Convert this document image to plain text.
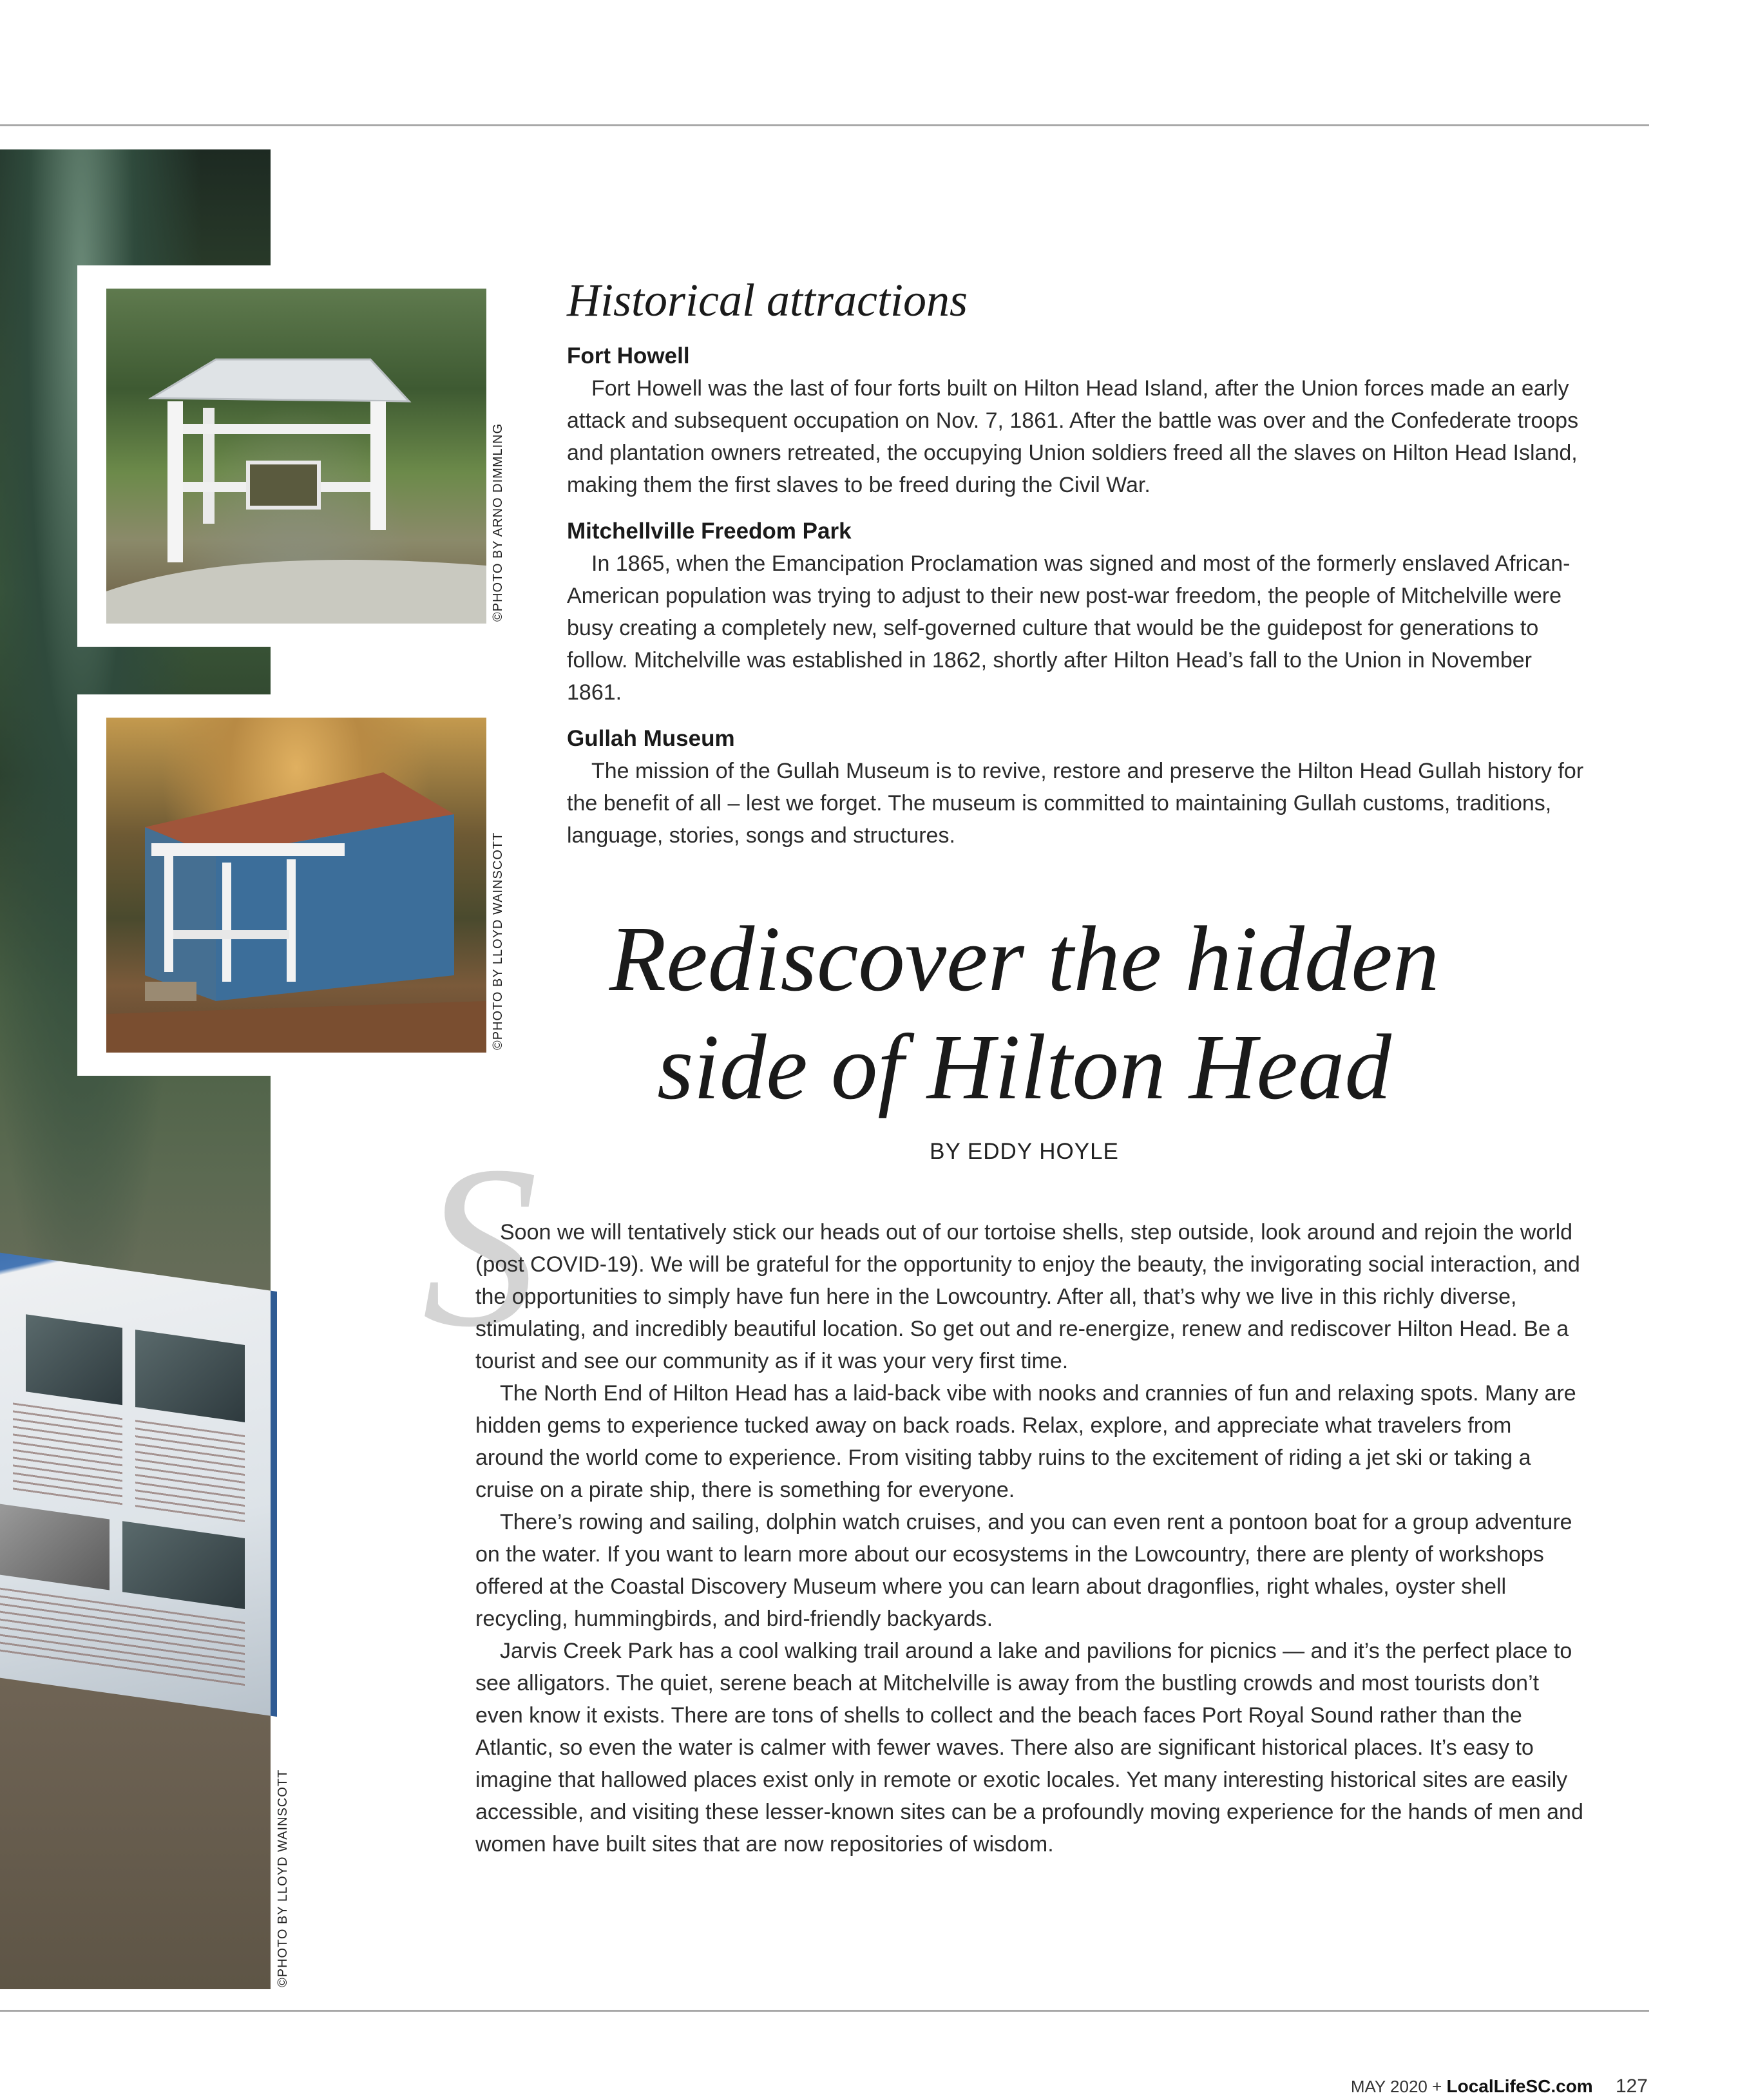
©PHOTO BY ARNO DIMMLING
©PHOTO BY LLOYD WAINSCOTT
©PHOTO BY LLOYD WAINSCOTT
Historical attractions

Fort Howell

Fort Howell was the last of four forts built on Hilton Head Island, after the Union forces made an early attack and subsequent occupation on Nov. 7, 1861. After the battle was over and the Confederate troops and plantation owners retreated, the occupying Union soldiers freed all the slaves on Hilton Head Island, making them the first slaves to be freed during the Civil War.

Mitchellville Freedom Park

In 1865, when the Emancipation Proclamation was signed and most of the formerly enslaved African-American population was trying to adjust to their new post-war freedom, the people of Mitchelville were busy creating a completely new, self-governed culture that would be the guidepost for generations to follow. Mitchelville was established in 1862, shortly after Hilton Head’s fall to the Union in November 1861.

Gullah Museum

The mission of the Gullah Museum is to revive, restore and preserve the Hilton Head Gullah history for the benefit of all – lest we forget. The museum is committed to maintaining Gullah customs, traditions, language, stories, songs and structures.

Rediscover the hidden
side of Hilton Head
BY EDDY HOYLE
S

Soon we will tentatively stick our heads out of our tortoise shells, step outside, look around and rejoin the world (post COVID-19). We will be grateful for the opportunity to enjoy the beauty, the invigorating social interaction, and the opportunities to simply have fun here in the Lowcountry. After all, that’s why we live in this richly diverse, stimulating, and incredibly beautiful location. So get out and re-energize, renew and rediscover Hilton Head. Be a tourist and see our community as if it was your very first time.

The North End of Hilton Head has a laid-back vibe with nooks and crannies of fun and relaxing spots. Many are hidden gems to experience tucked away on back roads. Relax, explore, and appreciate what travelers from around the world come to experience. From visiting tabby ruins to the excitement of riding a jet ski or taking a cruise on a pirate ship, there is something for everyone.

There’s rowing and sailing, dolphin watch cruises, and you can even rent a pontoon boat for a group adventure on the water. If you want to learn more about our ecosystems in the Lowcountry, there are plenty of workshops offered at the Coastal Discovery Museum where you can learn about dragonflies, right whales, oyster shell recycling, hummingbirds, and bird-friendly backyards.

Jarvis Creek Park has a cool walking trail around a lake and pavilions for picnics — and it’s the perfect place to see alligators. The quiet, serene beach at Mitchelville is away from the bustling crowds and most tourists don’t even know it exists. There are tons of shells to collect and the beach faces Port Royal Sound rather than the Atlantic, so even the water is calmer with fewer waves. There also are significant historical places. It’s easy to imagine that hallowed places exist only in remote or exotic locales. Yet many interesting historical sites are easily accessible, and visiting these lesser-known sites can be a profoundly moving experience for the hands of men and women have built sites that are now repositories of wisdom.

MAY 2020 + LocalLifeSC.com 127
